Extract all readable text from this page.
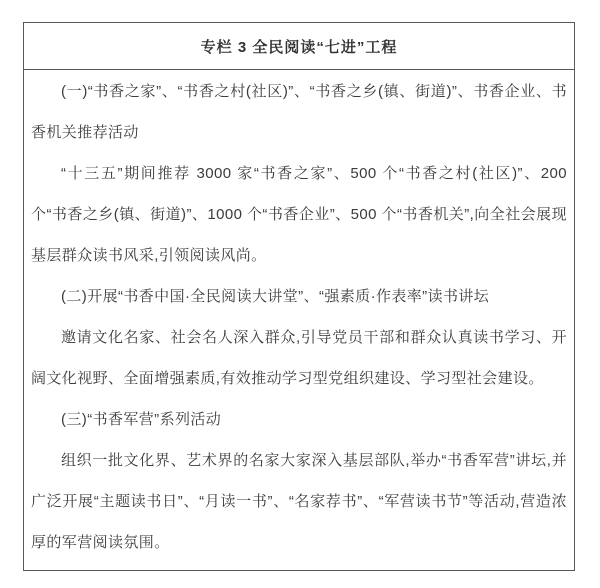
专栏 3 全民阅读“七进”工程

(一)“书香之家”、“书香之村(社区)”、“书香之乡(镇、街道)”、书香企业、书香机关推荐活动

“十三五”期间推荐 3000 家“书香之家”、500 个“书香之村(社区)”、200 个“书香之乡(镇、街道)”、1000 个“书香企业”、500 个“书香机关”,向全社会展现基层群众读书风采,引领阅读风尚。

(二)开展“书香中国·全民阅读大讲堂”、“强素质·作表率”读书讲坛

邀请文化名家、社会名人深入群众,引导党员干部和群众认真读书学习、开阔文化视野、全面增强素质,有效推动学习型党组织建设、学习型社会建设。

(三)“书香军营”系列活动

组织一批文化界、艺术界的名家大家深入基层部队,举办“书香军营”讲坛,并广泛开展“主题读书日”、“月读一书”、“名家荐书”、“军营读书节”等活动,营造浓厚的军营阅读氛围。
